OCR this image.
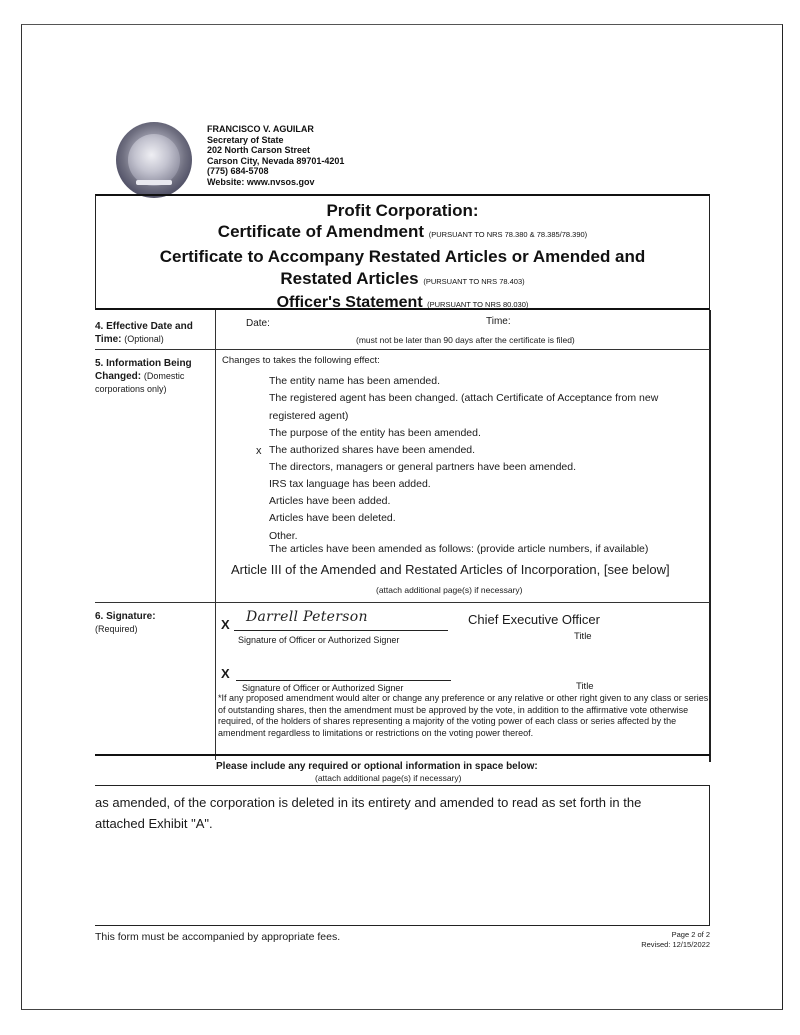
FRANCISCO V. AGUILAR
Secretary of State
202 North Carson Street
Carson City, Nevada 89701-4201
(775) 684-5708
Website: www.nvsos.gov
Profit Corporation:
Certificate of Amendment (PURSUANT TO NRS 78.380 & 78.385/78.390)
Certificate to Accompany Restated Articles or Amended and
Restated Articles (PURSUANT TO NRS 78.403)
Officer's Statement (PURSUANT TO NRS 80.030)
4. Effective Date and
Time: (Optional)
Date:	Time:
(must not be later than 90 days after the certificate is filed)
5. Information Being
Changed: (Domestic
corporations only)
Changes to takes the following effect:
The entity name has been amended.
The registered agent has been changed. (attach Certificate of Acceptance from new
registered agent)
The purpose of the entity has been amended.
The authorized shares have been amended.
x
The directors, managers or general partners have been amended.
IRS tax language has been added.
Articles have been added.
Articles have been deleted.
Other.
The articles have been amended as follows: (provide article numbers, if available)
Article III of the Amended and Restated Articles of Incorporation, [see below]
(attach additional page(s) if necessary)
6. Signature:
(Required)	X Darrell Peterson	Chief Executive Officer
Signature of Officer or Authorized Signer	Title
X
Signature of Officer or Authorized Signer	Title
*If any proposed amendment would alter or change any preference or any relative or other right given to any class or series of outstanding shares, then the amendment must be approved by the vote, in addition to the affirmative vote otherwise required, of the holders of shares representing a majority of the voting power of each class or series affected by the amendment regardless to limitations or restrictions on the voting power thereof.
Please include any required or optional information in space below:
(attach additional page(s) if necessary)
as amended, of the corporation is deleted in its entirety and amended to read as set forth in the
attached Exhibit "A".
This form must be accompanied by appropriate fees.	Page 2 of 2
Revised: 12/15/2022
